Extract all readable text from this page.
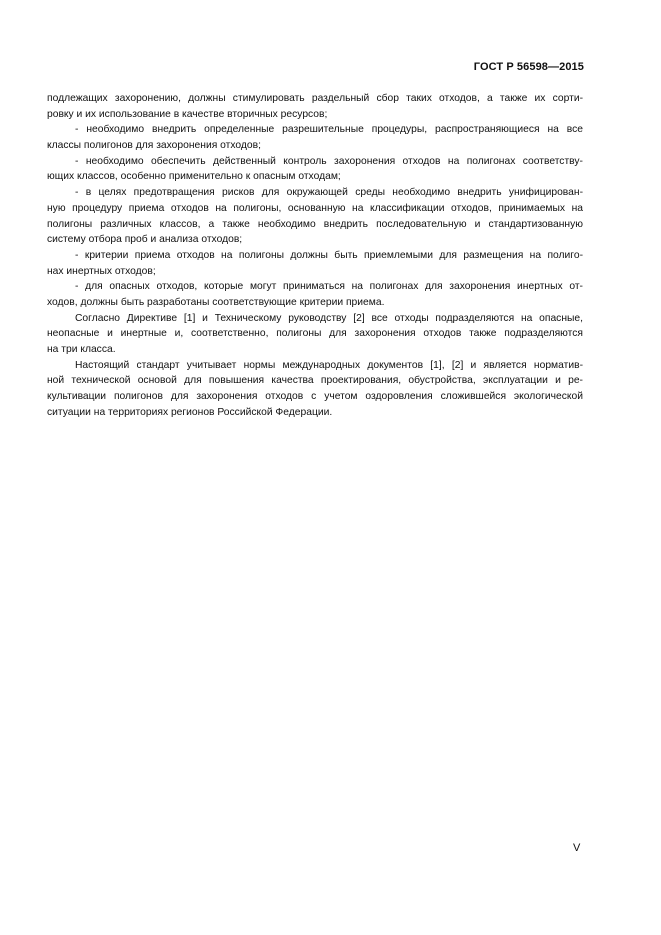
ГОСТ Р 56598—2015
подлежащих захоронению, должны стимулировать раздельный сбор таких отходов, а также их сорти-
ровку и их использование в качестве вторичных ресурсов;
- необходимо внедрить определенные разрешительные процедуры, распространяющиеся на все
классы полигонов для захоронения отходов;
- необходимо обеспечить действенный контроль захоронения отходов на полигонах соответству-
ющих классов, особенно применительно к опасным отходам;
- в целях предотвращения рисков для окружающей среды необходимо внедрить унифицирован-
ную процедуру приема отходов на полигоны, основанную на классификации отходов, принимаемых на
полигоны различных классов, а также необходимо внедрить последовательную и стандартизованную
систему отбора проб и анализа отходов;
- критерии приема отходов на полигоны должны быть приемлемыми для размещения на полиго-
нах инертных отходов;
- для опасных отходов, которые могут приниматься на полигонах для захоронения инертных от-
ходов, должны быть разработаны соответствующие критерии приема.
Согласно Директиве [1] и Техническому руководству [2] все отходы подразделяются на опасные,
неопасные и инертные и, соответственно, полигоны для захоронения отходов также подразделяются
на три класса.
Настоящий стандарт учитывает нормы международных документов [1], [2] и является норматив-
ной технической основой для повышения качества проектирования, обустройства, эксплуатации и ре-
культивации полигонов для захоронения отходов с учетом оздоровления сложившейся экологической
ситуации на территориях регионов Российской Федерации.
V
